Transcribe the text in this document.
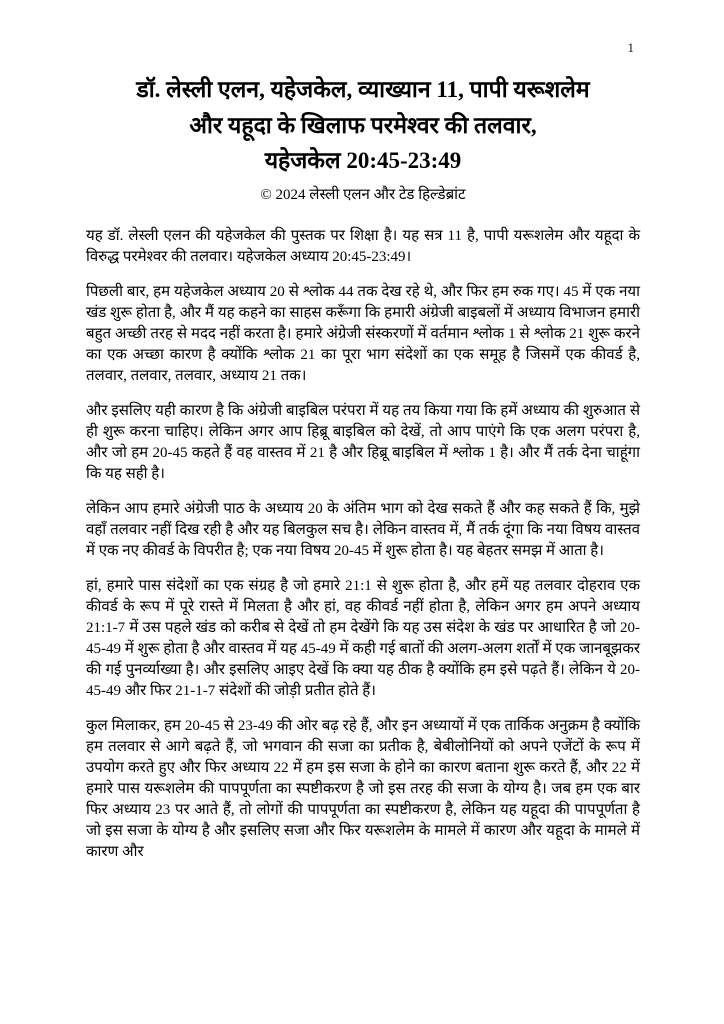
1
डॉ. लेस्ली एलन, यहेजकेल, व्याख्यान 11, पापी यरूशलेम
और यहूदा के खिलाफ परमेश्वर की तलवार,
यहेजकेल 20:45-23:49
© 2024 लेस्ली एलन और टेड हिल्डेब्रांट

यह डॉ. लेस्ली एलन की यहेजकेल की पुस्तक पर शिक्षा है। यह सत्र 11 है, पापी यरूशलेम और यहूदा के विरुद्ध परमेश्वर की तलवार। यहेजकेल अध्याय 20:45-23:49।

पिछली बार, हम यहेजकेल अध्याय 20 से श्लोक 44 तक देख रहे थे, और फिर हम रुक गए। 45 में एक नया खंड शुरू होता है, और मैं यह कहने का साहस करूँगा कि हमारी अंग्रेजी बाइबलों में अध्याय विभाजन हमारी बहुत अच्छी तरह से मदद नहीं करता है। हमारे अंग्रेजी संस्करणों में वर्तमान श्लोक 1 से श्लोक 21 शुरू करने का एक अच्छा कारण है क्योंकि श्लोक 21 का पूरा भाग संदेशों का एक समूह है जिसमें एक कीवर्ड है, तलवार, तलवार, तलवार, अध्याय 21 तक।

और इसलिए यही कारण है कि अंग्रेजी बाइबिल परंपरा में यह तय किया गया कि हमें अध्याय की शुरुआत से ही शुरू करना चाहिए। लेकिन अगर आप हिब्रू बाइबिल को देखें, तो आप पाएंगे कि एक अलग परंपरा है, और जो हम 20-45 कहते हैं वह वास्तव में 21 है और हिब्रू बाइबिल में श्लोक 1 है। और मैं तर्क देना चाहूंगा कि यह सही है।

लेकिन आप हमारे अंग्रेजी पाठ के अध्याय 20 के अंतिम भाग को देख सकते हैं और कह सकते हैं कि, मुझे वहाँ तलवार नहीं दिख रही है और यह बिलकुल सच है। लेकिन वास्तव में, मैं तर्क दूंगा कि नया विषय वास्तव में एक नए कीवर्ड के विपरीत है; एक नया विषय 20-45 में शुरू होता है। यह बेहतर समझ में आता है।

हां, हमारे पास संदेशों का एक संग्रह है जो हमारे 21:1 से शुरू होता है, और हमें यह तलवार दोहराव एक कीवर्ड के रूप में पूरे रास्ते में मिलता है और हां, वह कीवर्ड नहीं होता है, लेकिन अगर हम अपने अध्याय 21:1-7 में उस पहले खंड को करीब से देखें तो हम देखेंगे कि यह उस संदेश के खंड पर आधारित है जो 20-45-49 में शुरू होता है और वास्तव में यह 45-49 में कही गई बातों की अलग-अलग शर्तों में एक जानबूझकर की गई पुनर्व्याख्या है। और इसलिए आइए देखें कि क्या यह ठीक है क्योंकि हम इसे पढ़ते हैं। लेकिन ये 20-45-49 और फिर 21-1-7 संदेशों की जोड़ी प्रतीत होते हैं।

कुल मिलाकर, हम 20-45 से 23-49 की ओर बढ़ रहे हैं, और इन अध्यायों में एक तार्किक अनुक्रम है क्योंकि हम तलवार से आगे बढ़ते हैं, जो भगवान की सजा का प्रतीक है, बेबीलोनियों को अपने एजेंटों के रूप में उपयोग करते हुए और फिर अध्याय 22 में हम इस सजा के होने का कारण बताना शुरू करते हैं, और 22 में हमारे पास यरूशलेम की पापपूर्णता का स्पष्टीकरण है जो इस तरह की सजा के योग्य है। जब हम एक बार फिर अध्याय 23 पर आते हैं, तो लोगों की पापपूर्णता का स्पष्टीकरण है, लेकिन यह यहूदा की पापपूर्णता है जो इस सजा के योग्य है और इसलिए सजा और फिर यरूशलेम के मामले में कारण और यहूदा के मामले में कारण और
